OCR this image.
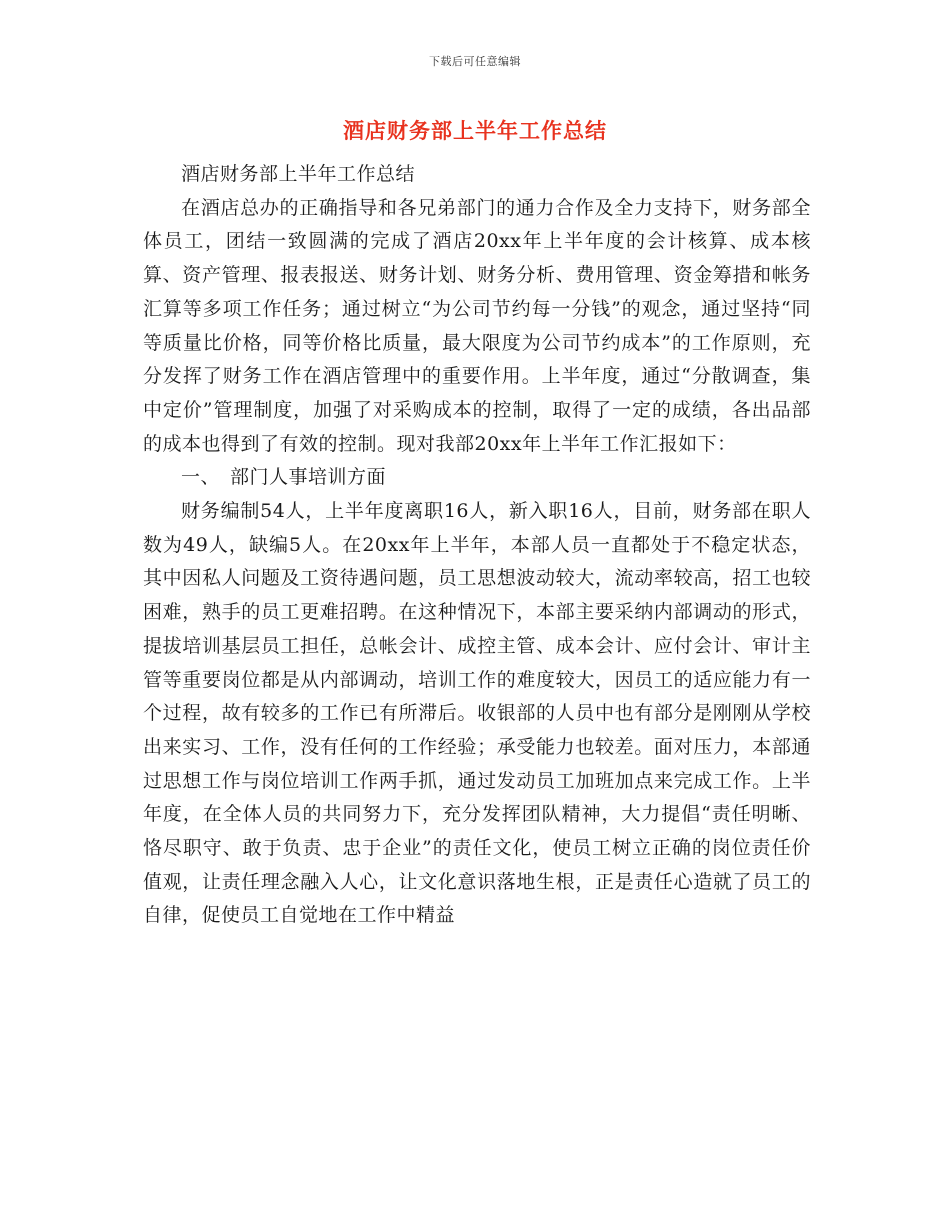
下载后可任意编辑
酒店财务部上半年工作总结

酒店财务部上半年工作总结

在酒店总办的正确指导和各兄弟部门的通力合作及全力支持下，财务部全体员工，团结一致圆满的完成了酒店20xx年上半年度的会计核算、成本核算、资产管理、报表报送、财务计划、财务分析、费用管理、资金筹措和帐务汇算等多项工作任务；通过树立“为公司节约每一分钱”的观念，通过坚持“同等质量比价格，同等价格比质量，最大限度为公司节约成本”的工作原则，充分发挥了财务工作在酒店管理中的重要作用。上半年度，通过“分散调查，集中定价”管理制度，加强了对采购成本的控制，取得了一定的成绩，各出品部的成本也得到了有效的控制。现对我部20xx年上半年工作汇报如下：

一、　部门人事培训方面

财务编制54人，上半年度离职16人，新入职16人，目前，财务部在职人数为49人，缺编5人。在20xx年上半年，本部人员一直都处于不稳定状态，其中因私人问题及工资待遇问题，员工思想波动较大，流动率较高，招工也较困难，熟手的员工更难招聘。在这种情况下，本部主要采纳内部调动的形式，提拔培训基层员工担任，总帐会计、成控主管、成本会计、应付会计、审计主管等重要岗位都是从内部调动，培训工作的难度较大，因员工的适应能力有一个过程，故有较多的工作已有所滞后。收银部的人员中也有部分是刚刚从学校出来实习、工作，没有任何的工作经验；承受能力也较差。面对压力，本部通过思想工作与岗位培训工作两手抓，通过发动员工加班加点来完成工作。上半年度，在全体人员的共同努力下，充分发挥团队精神，大力提倡“责任明晰、恪尽职守、敢于负责、忠于企业”的责任文化，使员工树立正确的岗位责任价值观，让责任理念融入人心，让文化意识落地生根，正是责任心造就了员工的自律，促使员工自觉地在工作中精益
